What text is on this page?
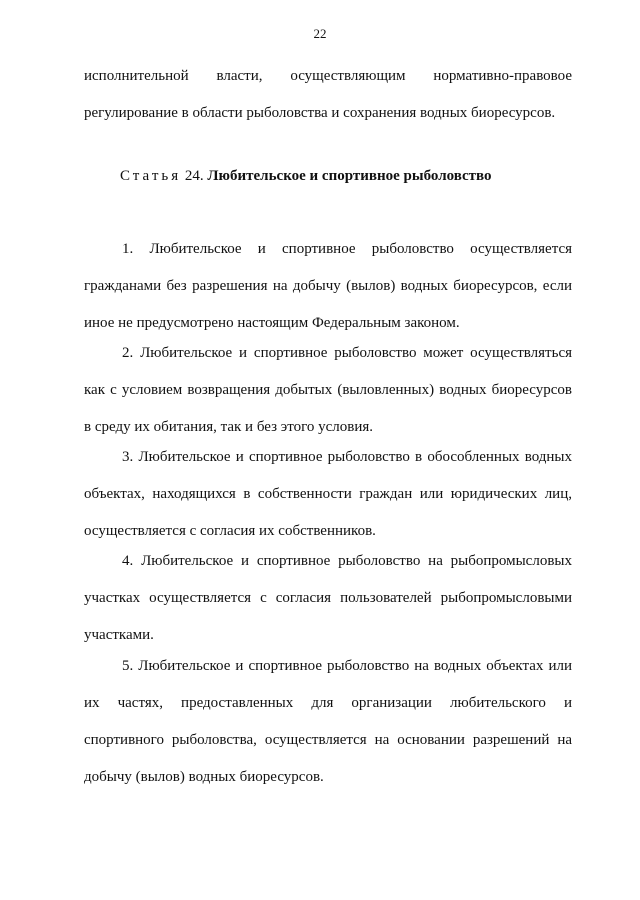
22

исполнительной власти, осуществляющим нормативно-правовое
регулирование в области рыболовства и сохранения водных биоресурсов.

Статья 24. Любительское и спортивное рыболовство

1. Любительское и спортивное рыболовство осуществляется
гражданами без разрешения на добычу (вылов) водных биоресурсов, если
иное не предусмотрено настоящим Федеральным законом.

2. Любительское и спортивное рыболовство может осуществляться
как с условием возвращения добытых (выловленных) водных биоресурсов
в среду их обитания, так и без этого условия.

3. Любительское и спортивное рыболовство в обособленных водных
объектах, находящихся в собственности граждан или юридических лиц,
осуществляется с согласия их собственников.

4. Любительское и спортивное рыболовство на рыбопромысловых
участках осуществляется с согласия пользователей рыбопромысловыми
участками.

5. Любительское и спортивное рыболовство на водных объектах или
их частях, предоставленных для организации любительского и
спортивного рыболовства, осуществляется на основании разрешений на
добычу (вылов) водных биоресурсов.
